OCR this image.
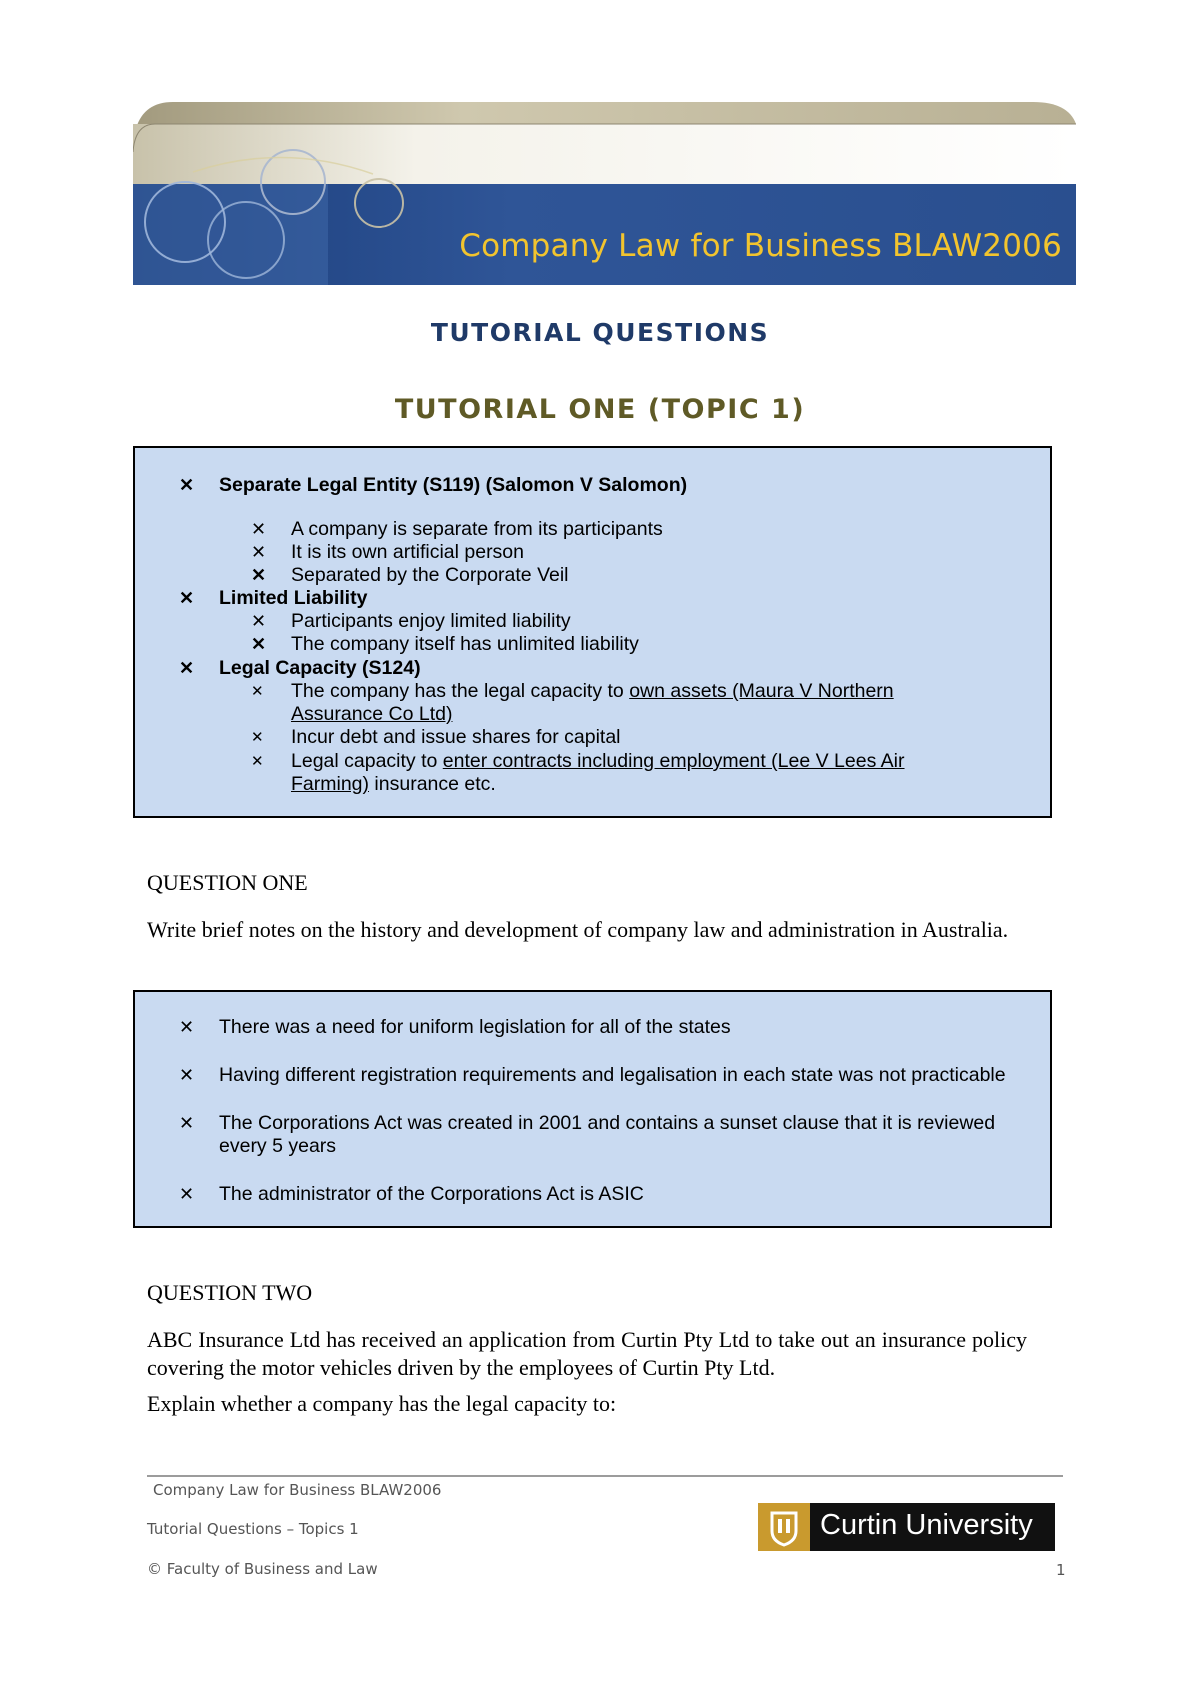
Company Law for Business BLAW2006
TUTORIAL QUESTIONS
TUTORIAL ONE (TOPIC 1)
✕ Separate Legal Entity (S119) (Salomon V Salomon)
✕ A company is separate from its participants
✕ It is its own artificial person
✕ Separated by the Corporate Veil
✕ Limited Liability
✕ Participants enjoy limited liability
✕ The company itself has unlimited liability
✕ Legal Capacity (S124)
✕ The company has the legal capacity to own assets (Maura V Northern
Assurance Co Ltd)
✕ Incur debt and issue shares for capital
✕ Legal capacity to enter contracts including employment (Lee V Lees Air
Farming) insurance etc.
QUESTION ONE
Write brief notes on the history and development of company law and administration in Australia.
✕ There was a need for uniform legislation for all of the states
✕ Having different registration requirements and legalisation in each state was not practicable
✕ The Corporations Act was created in 2001 and contains a sunset clause that it is reviewed
every 5 years
✕ The administrator of the Corporations Act is ASIC
QUESTION TWO
ABC Insurance Ltd has received an application from Curtin Pty Ltd to take out an insurance policy covering the motor vehicles driven by the employees of Curtin Pty Ltd.
Explain whether a company has the legal capacity to:
Company Law for Business BLAW2006
Tutorial Questions – Topics 1
© Faculty of Business and Law
Curtin University
1
